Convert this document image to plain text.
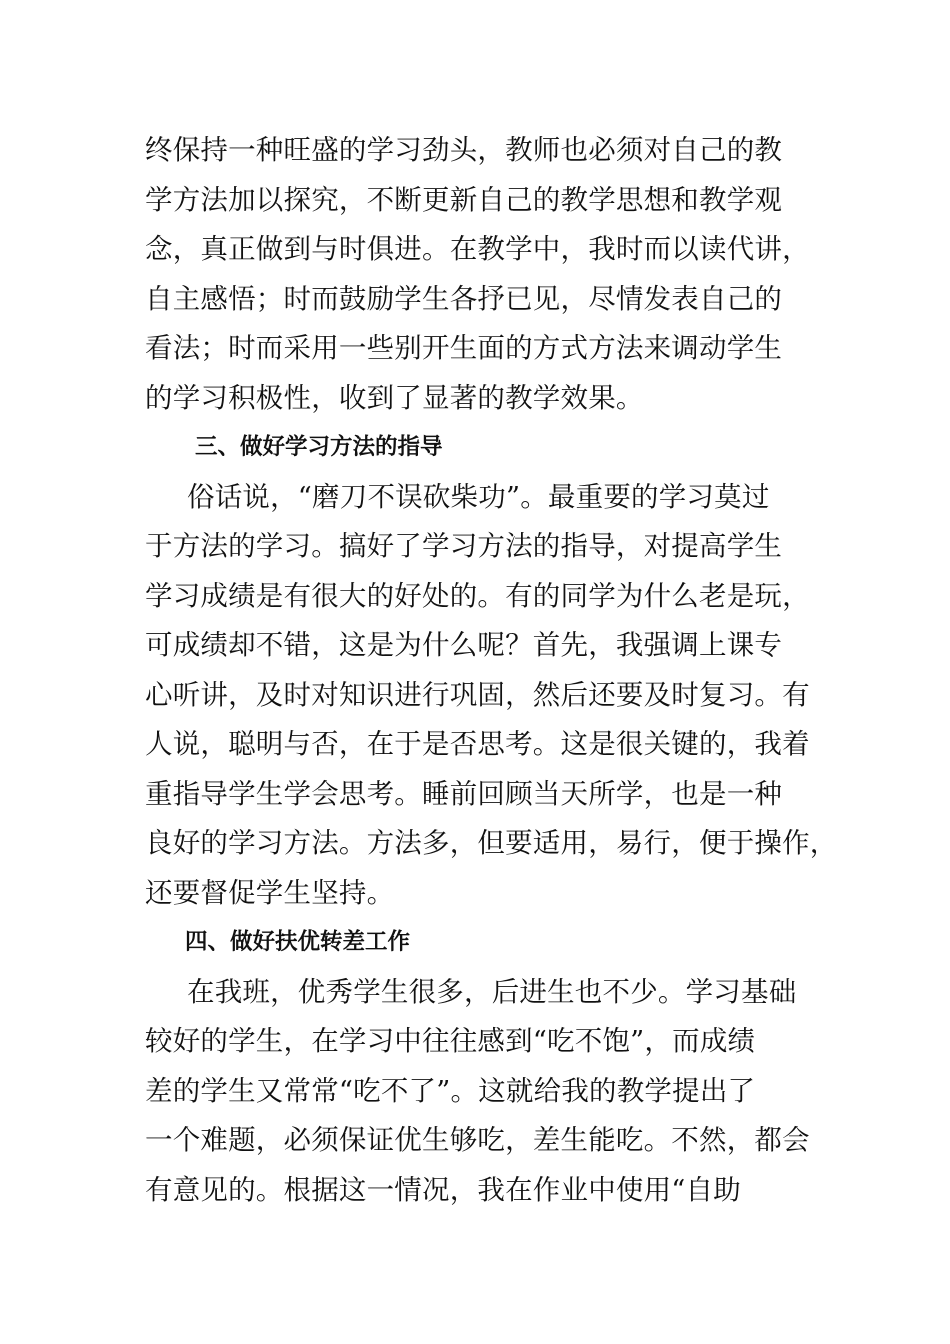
终保持一种旺盛的学习劲头，教师也必须对自己的教
学方法加以探究，不断更新自己的教学思想和教学观
念，真正做到与时俱进。在教学中，我时而以读代讲，
自主感悟；时而鼓励学生各抒已见，尽情发表自己的
看法；时而采用一些别开生面的方式方法来调动学生
的学习积极性，收到了显著的教学效果。

三、做好学习方法的指导

俗话说，“磨刀不误砍柴功”。最重要的学习莫过
于方法的学习。搞好了学习方法的指导，对提高学生
学习成绩是有很大的好处的。有的同学为什么老是玩，
可成绩却不错，这是为什么呢？首先，我强调上课专
心听讲，及时对知识进行巩固，然后还要及时复习。有
人说，聪明与否，在于是否思考。这是很关键的，我着
重指导学生学会思考。睡前回顾当天所学，也是一种
良好的学习方法。方法多，但要适用，易行，便于操作，
还要督促学生坚持。

四、做好扶优转差工作

在我班，优秀学生很多，后进生也不少。学习基础
较好的学生，在学习中往往感到“吃不饱”，而成绩
差的学生又常常“吃不了”。这就给我的教学提出了
一个难题，必须保证优生够吃，差生能吃。不然，都会
有意见的。根据这一情况，我在作业中使用“自助
